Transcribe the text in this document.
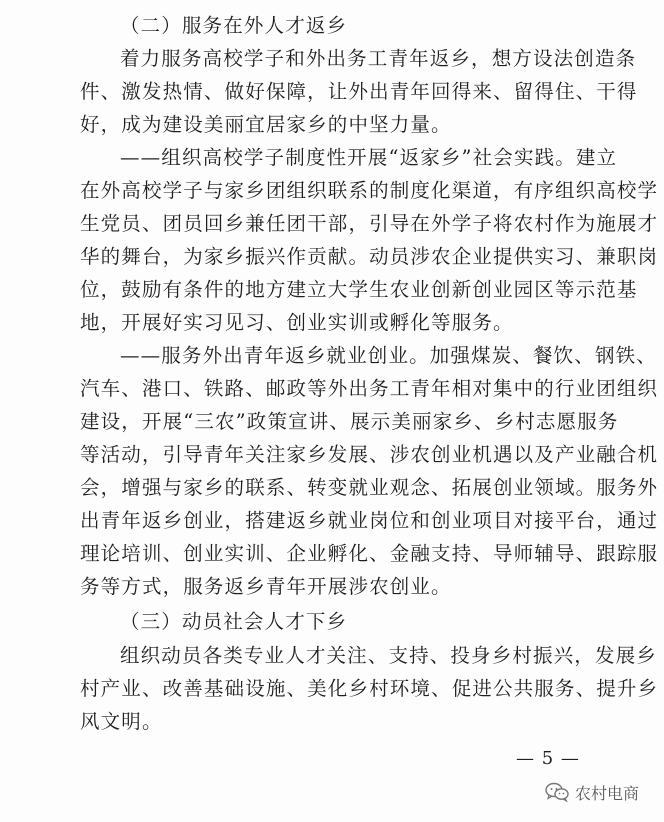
（二）服务在外人才返乡
着力服务高校学子和外出务工青年返乡，想方设法创造条
件、激发热情、做好保障，让外出青年回得来、留得住、干得
好，成为建设美丽宜居家乡的中坚力量。
——组织高校学子制度性开展“返家乡”社会实践。建立
在外高校学子与家乡团组织联系的制度化渠道，有序组织高校学
生党员、团员回乡兼任团干部，引导在外学子将农村作为施展才
华的舞台，为家乡振兴作贡献。动员涉农企业提供实习、兼职岗
位，鼓励有条件的地方建立大学生农业创新创业园区等示范基
地，开展好实习见习、创业实训或孵化等服务。
——服务外出青年返乡就业创业。加强煤炭、餐饮、钢铁、
汽车、港口、铁路、邮政等外出务工青年相对集中的行业团组织
建设，开展“三农”政策宣讲、展示美丽家乡、乡村志愿服务
等活动，引导青年关注家乡发展、涉农创业机遇以及产业融合机
会，增强与家乡的联系、转变就业观念、拓展创业领域。服务外
出青年返乡创业，搭建返乡就业岗位和创业项目对接平台，通过
理论培训、创业实训、企业孵化、金融支持、导师辅导、跟踪服
务等方式，服务返乡青年开展涉农创业。
（三）动员社会人才下乡
组织动员各类专业人才关注、支持、投身乡村振兴，发展乡
村产业、改善基础设施、美化乡村环境、促进公共服务、提升乡
风文明。
— 5 —
农村电商
